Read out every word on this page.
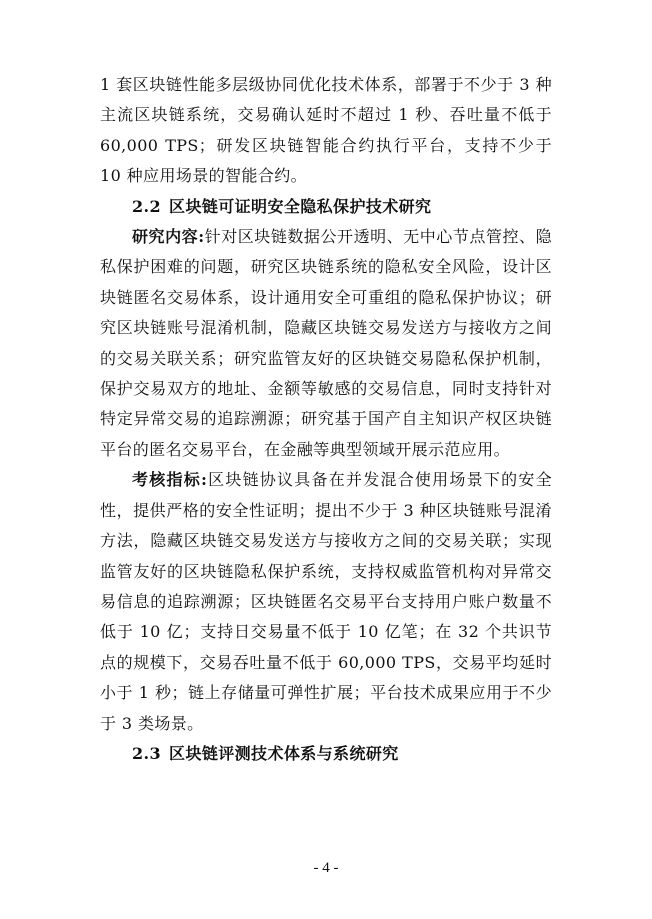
1 套区块链性能多层级协同优化技术体系，部署于不少于 3 种主流区块链系统，交易确认延时不超过 1 秒、吞吐量不低于 60,000 TPS；研发区块链智能合约执行平台，支持不少于 10 种应用场景的智能合约。

2.2 区块链可证明安全隐私保护技术研究

研究内容:针对区块链数据公开透明、无中心节点管控、隐私保护困难的问题，研究区块链系统的隐私安全风险，设计区块链匿名交易体系，设计通用安全可重组的隐私保护协议；研究区块链账号混淆机制，隐藏区块链交易发送方与接收方之间的交易关联关系；研究监管友好的区块链交易隐私保护机制，保护交易双方的地址、金额等敏感的交易信息，同时支持针对特定异常交易的追踪溯源；研究基于国产自主知识产权区块链平台的匿名交易平台，在金融等典型领域开展示范应用。

考核指标:区块链协议具备在并发混合使用场景下的安全性，提供严格的安全性证明；提出不少于 3 种区块链账号混淆方法，隐藏区块链交易发送方与接收方之间的交易关联；实现监管友好的区块链隐私保护系统，支持权威监管机构对异常交易信息的追踪溯源；区块链匿名交易平台支持用户账户数量不低于 10 亿；支持日交易量不低于 10 亿笔；在 32 个共识节点的规模下，交易吞吐量不低于 60,000 TPS，交易平均延时小于 1 秒；链上存储量可弹性扩展；平台技术成果应用于不少于 3 类场景。

2.3 区块链评测技术体系与系统研究

- 4 -
